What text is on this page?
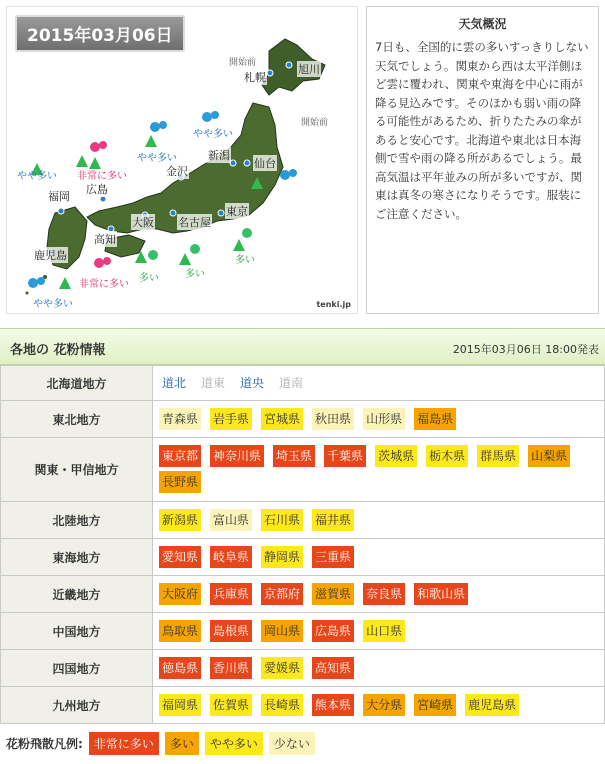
2015年03月06日
開始前
開始前
札幌
旭川
新潟
仙台
金沢
東京
名古屋
大阪
広島
福岡
高知
鹿児島
やや多い 非常に多い
やや多い
やや多い
多い	多い
多い
非常に多い
やや多い	tenki.jp
天気概況
7日も、全国的に雲の多いすっきりしない天気でしょう。関東から西は太平洋側ほど雲に覆われ、関東や東海を中心に雨が降る見込みです。そのほかも弱い雨の降る可能性があるため、折りたたみの傘があると安心です。北海道や東北は日本海側で雪や雨の降る所があるでしょう。最高気温は平年並みの所が多いですが、関東は真冬の寒さになりそうです。服装にご注意ください。
各地の 花粉情報	2015年03月06日 18:00発表
北海道地方	道北 道東 道央 道南
東北地方	青森県 岩手県 宮城県 秋田県 山形県 福島県
関東・甲信地方	東京都 神奈川県 埼玉県 千葉県 茨城県 栃木県 群馬県 山梨県長野県
北陸地方	新潟県 富山県 石川県 福井県
東海地方	愛知県 岐阜県 静岡県 三重県
近畿地方	大阪府 兵庫県 京都府 滋賀県 奈良県 和歌山県
中国地方	鳥取県 島根県 岡山県 広島県 山口県
四国地方	徳島県 香川県 愛媛県 高知県
九州地方	福岡県 佐賀県 長崎県 熊本県 大分県 宮崎県 鹿児島県
花粉飛散凡例: 非常に多い 多い やや多い 少ない
